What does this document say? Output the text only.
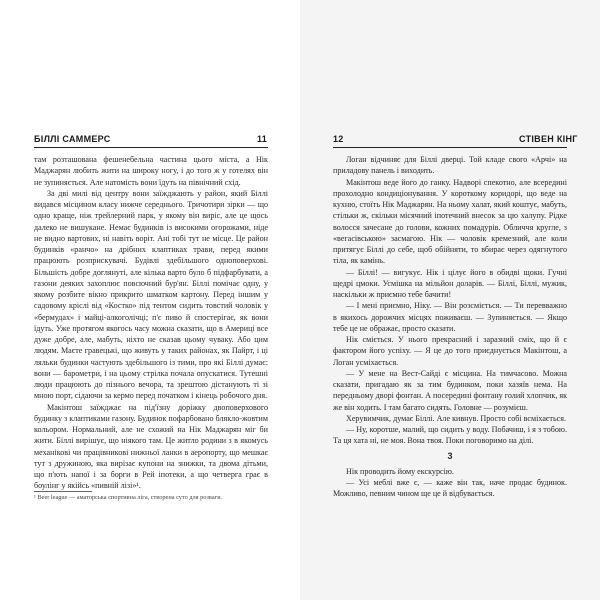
БІЛЛІ САММЕРС	11

там розташована фешенебельна частина цього міста, а Нік Маджарян любить жити на широку ногу, і до того ж у готелях він не зупиняється. Але натомість вони їдуть на північний схід.

За дві милі від центру вони заїжджають у район, який Біллі видався місцином класу нижче середнього. Тричотири зірки — що одно краще, ніж трейлерний парк, у якому він виріс, але це щось далеко не вишукане. Немає будинків із високими огорожами, ніде не видно вартових, ні навіть воріт. Ані тобі тут не місце. Це район будинків «ранчо» на дрібних клаптиках трави, перед якими працюють розприскувачі. Будівлі здебільшого одноповерхові. Більшість добре доглянуті, але кілька варто було б підфарбувати, а газони деяких захоплює повсючний бур'ян. Біллі помічає одну, у якому розбите вікно прикрито шматком картону. Перед іншим у садовому кріслі від «Костко» під тентом сидить товстий чоловік у «бермудах» і майці-алкоголічці; п'є пиво й спостерігає, як вони їдуть. Уже протягом якогось часу можна сказати, що в Америці все дуже добре, але, мабуть, ніхто не сказав цьому чуваку. Або цим людям. Маєте гравецькі, що живуть у таких районах, як Пайрт, і ці ляльки будинки частують здебільшого із тими, про які Біллі думає: вони — барометри, і на цьому стрілка почала опускатися. Тутешні люди працюють до пізнього вечора, та зрештою дістанують ті зі мною порт, сідаючи за кермо перед початком і кінець робочого дня.

Макінтош заїжджає на під'їзну доріжку двоповерхового будинку з клаптиками газону. Будинок пофарбовано блякло-жовтим кольором. Нормальний, але не схожий на Нік Маджарян міг би жити. Біллі вирішує, що ніякого там. Це житло родини з в якомусь механікові чи працівникові нижньої ланки в аеропорту, що мешкає тут з дружиною, яка вирізає купони на знижки, та двома дітьми, що п'ють напої і за борги в Рей іпотеки, а що четверга грає в боулінг у якійсь «пивній лізі»¹.

¹ Beer league — аматорська спортивна ліга, створена суто для розваги.
12	СТІВЕН КІНГ

Логан відчиняє для Біллі дверці. Той кладе свого «Арчі» на приладову панель і виходить.

Макінтош веде його до ганку. Надворі спекотно, але всередині прохолодно кондиціонування. У короткому коридорі, що веде на кухню, стоїть Нік Маджарян. На ньому халат, який коштує, мабуть, стільки ж, скільки місячний іпотечний внесок за цю халупу. Рідке волосся зачесане до голови, кожних помадурів. Обличчя кругле, з «вегасівською» засмагою. Нік — чоловік кремезний, але коли притягує Біллі до себе, щоб обійняти, то вбирає через одягнутого тіла, як камінь.

— Біллі! — вигукує. Нік і цілує його в обидві щоки. Гучні щедрі цмоки. Усмішка на мільйон доларів. — Біллі, Біллі, мужик, наскільки ж приємно тебе бачити!

— І мені приємно, Ніку. — Він розсміється. — Ти перевважно в якихось дорожчих місцях поживаєш. — Зупиняється. — Якщо тебе це не ображає, просто сказати.

Нік сміється. У нього прекрасний і заразний сміх, що й є фактором його успіху. — Я це до того приєднується Макінтош, а Логан усміхається.

— У мене на Вест-Сайді є місцина. На тимчасово. Можна сказати, пригадаю як за тим будинком, поки хазяїв нема. На передньому дворі фонтан. А посередині фонтану голий хлопчик, як же він ходить. І там багато сидять. Головне — розумієш.

Херувимчик, думає Біллі. Але кивнув. Просто собі всміхається.

— Ну, коротше, малий, що сидить у воду. Побачиш, і я з тобою. Та ця хата ні, не моя. Вона твоя. Поки поговоримо на ділі.

3

Нік проводить йому екскурсію.

— Усі меблі вже є, — каже він так, наче продає будинок. Можливо, певним чином ще це й відбувається.
